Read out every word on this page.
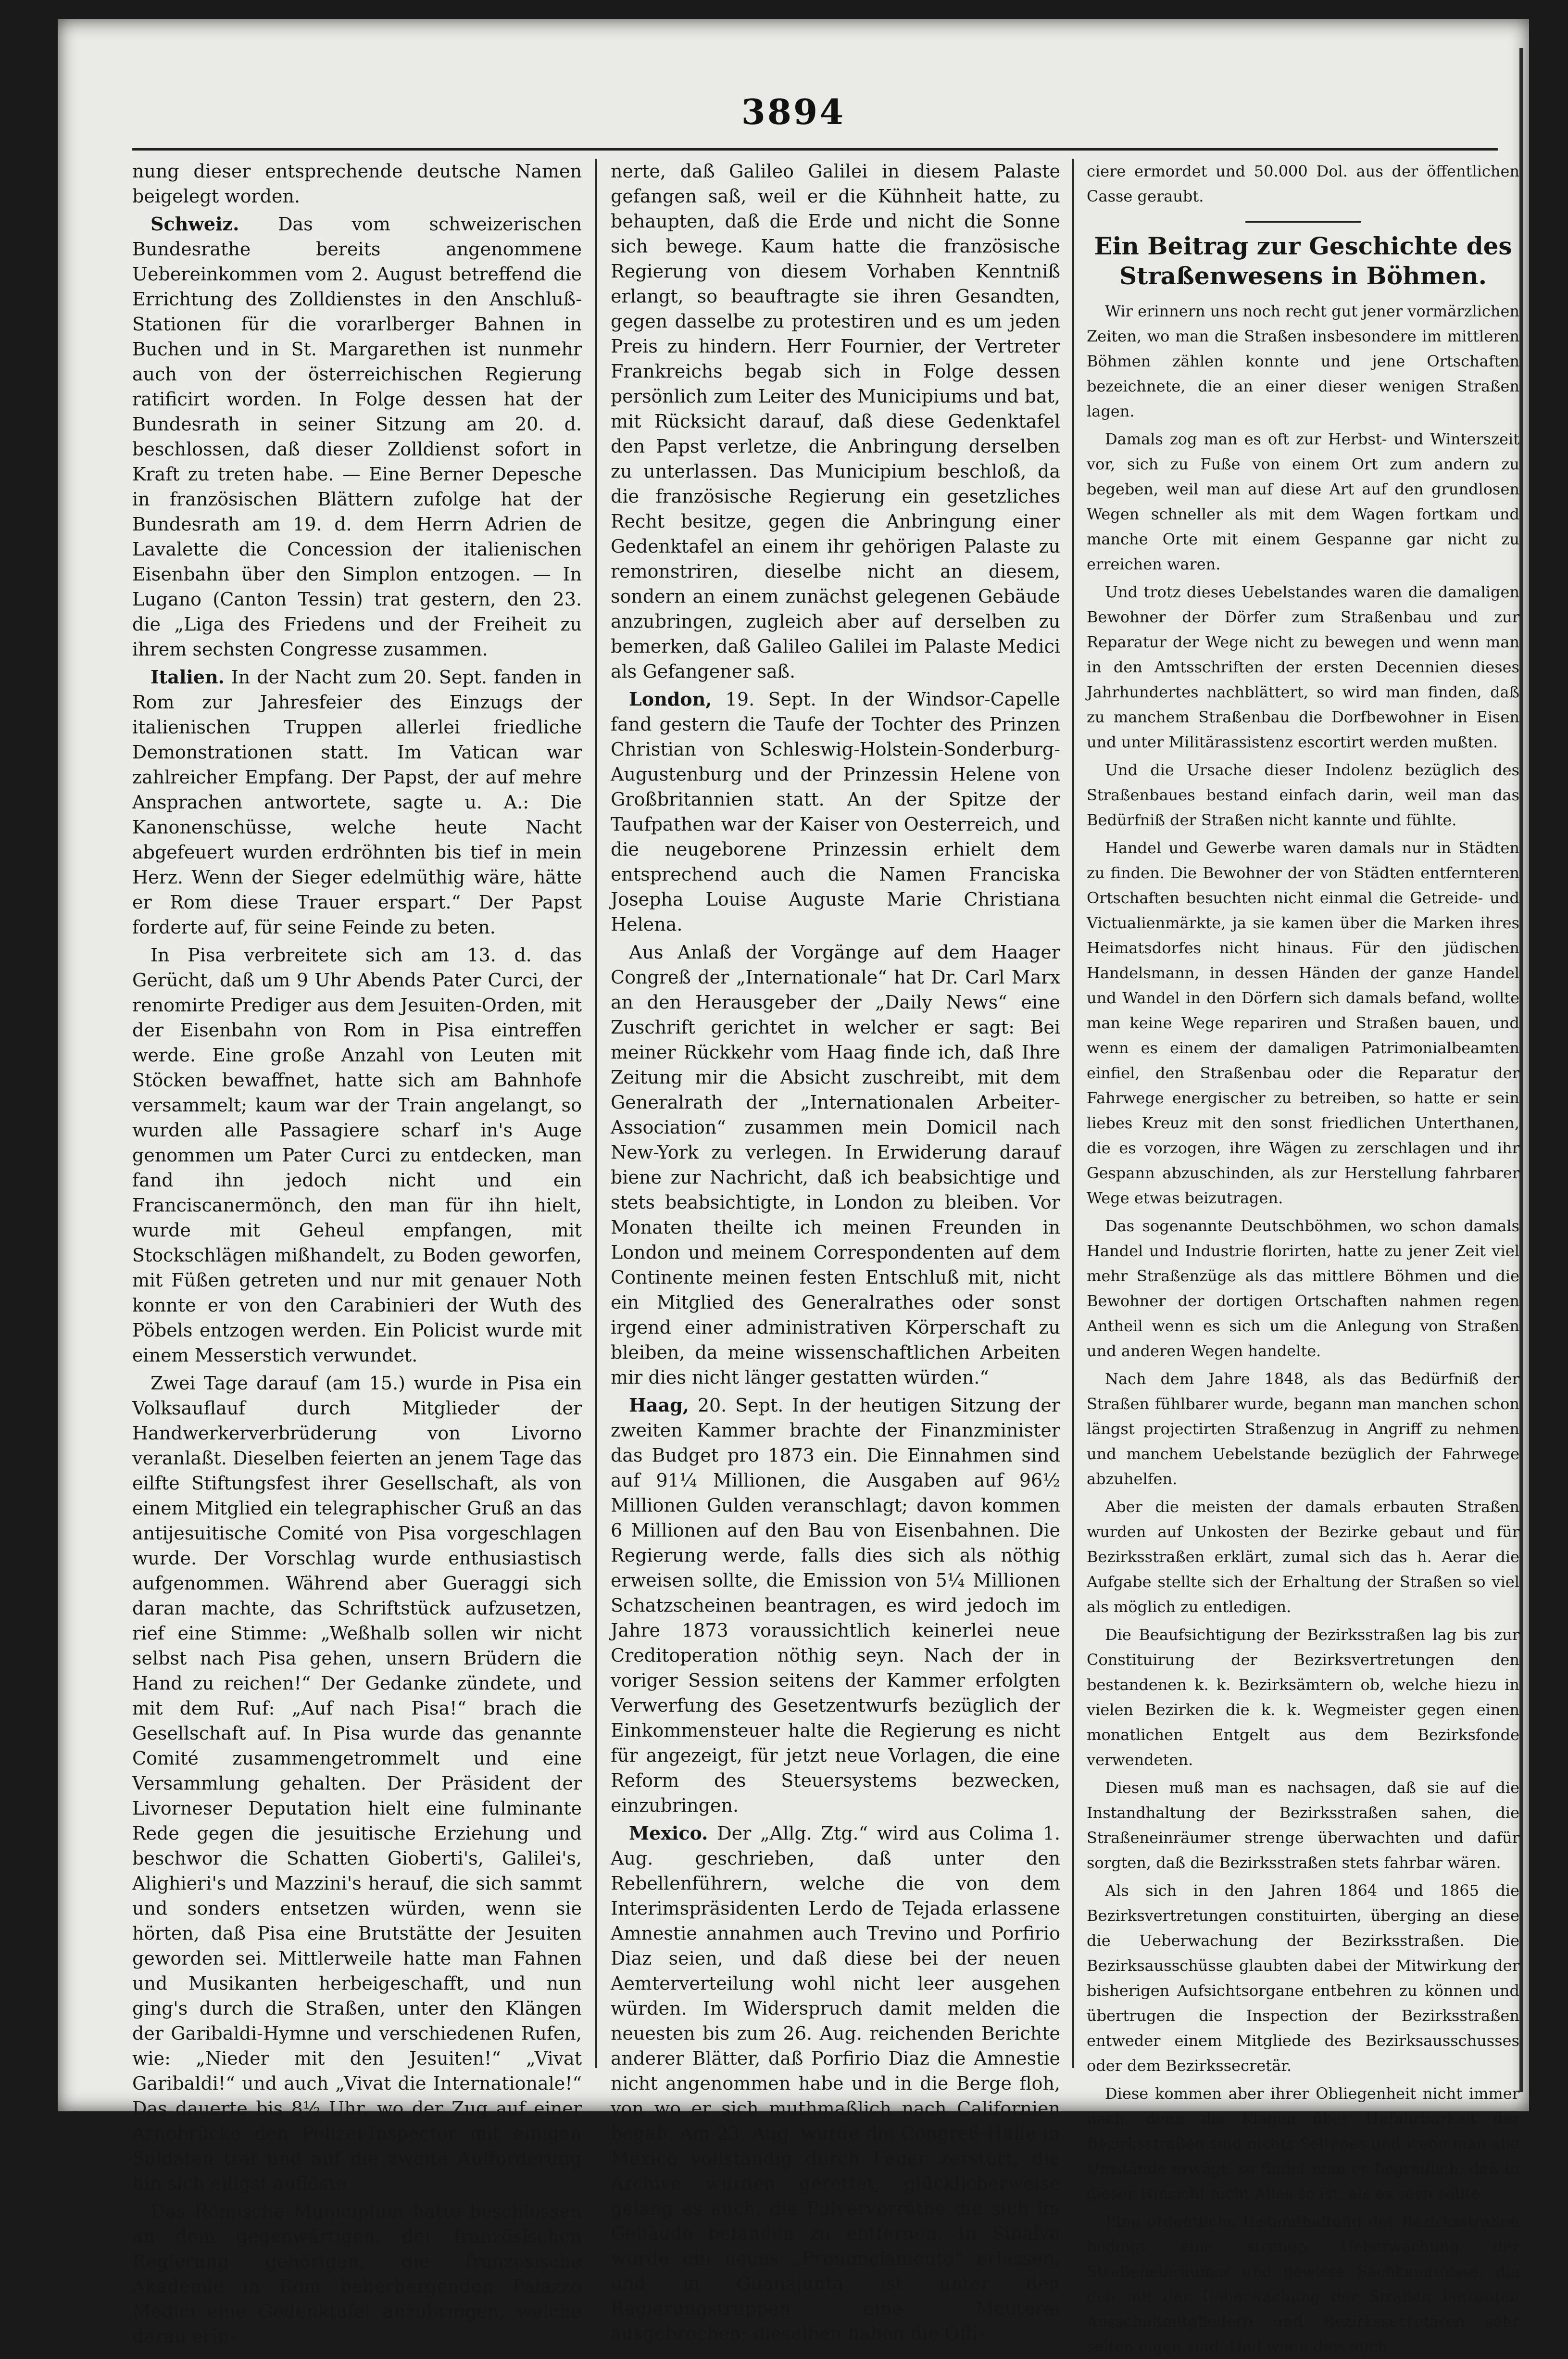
3894

nung dieser entsprechende deutsche Namen beigelegt worden.

Schweiz. Das vom schweizerischen Bundesrathe bereits angenommene Uebereinkommen vom 2. August betreffend die Errichtung des Zolldienstes in den Anschluß-Stationen für die vorarlberger Bahnen in Buchen und in St. Margarethen ist nunmehr auch von der österreichischen Regierung ratificirt worden. In Folge dessen hat der Bundesrath in seiner Sitzung am 20. d. beschlossen, daß dieser Zolldienst sofort in Kraft zu treten habe. — Eine Berner Depesche in französischen Blättern zufolge hat der Bundesrath am 19. d. dem Herrn Adrien de Lavalette die Concession der italienischen Eisenbahn über den Simplon entzogen. — In Lugano (Canton Tessin) trat gestern, den 23. die „Liga des Friedens und der Freiheit zu ihrem sechsten Congresse zusammen.

Italien. In der Nacht zum 20. Sept. fanden in Rom zur Jahresfeier des Einzugs der italienischen Truppen allerlei friedliche Demonstrationen statt. Im Vatican war zahlreicher Empfang. Der Papst, der auf mehre Ansprachen antwortete, sagte u. A.: Die Kanonenschüsse, welche heute Nacht abgefeuert wurden erdröhnten bis tief in mein Herz. Wenn der Sieger edelmüthig wäre, hätte er Rom diese Trauer erspart.“ Der Papst forderte auf, für seine Feinde zu beten.

In Pisa verbreitete sich am 13. d. das Gerücht, daß um 9 Uhr Abends Pater Curci, der renomirte Prediger aus dem Jesuiten-Orden, mit der Eisenbahn von Rom in Pisa eintreffen werde. Eine große Anzahl von Leuten mit Stöcken bewaffnet, hatte sich am Bahnhofe versammelt; kaum war der Train angelangt, so wurden alle Passagiere scharf in's Auge genommen um Pater Curci zu entdecken, man fand ihn jedoch nicht und ein Franciscanermönch, den man für ihn hielt, wurde mit Geheul empfangen, mit Stockschlägen mißhandelt, zu Boden geworfen, mit Füßen getreten und nur mit genauer Noth konnte er von den Carabinieri der Wuth des Pöbels entzogen werden. Ein Policist wurde mit einem Messerstich verwundet.

Zwei Tage darauf (am 15.) wurde in Pisa ein Volksauflauf durch Mitglieder der Handwerkerverbrüderung von Livorno veranlaßt. Dieselben feierten an jenem Tage das eilfte Stiftungsfest ihrer Gesellschaft, als von einem Mitglied ein telegraphischer Gruß an das antijesuitische Comité von Pisa vorgeschlagen wurde. Der Vorschlag wurde enthusiastisch aufgenommen. Während aber Gueraggi sich daran machte, das Schriftstück aufzusetzen, rief eine Stimme: „Weßhalb sollen wir nicht selbst nach Pisa gehen, unsern Brüdern die Hand zu reichen!“ Der Gedanke zündete, und mit dem Ruf: „Auf nach Pisa!“ brach die Gesellschaft auf. In Pisa wurde das genannte Comité zusammengetrommelt und eine Versammlung gehalten. Der Präsident der Livorneser Deputation hielt eine fulminante Rede gegen die jesuitische Erziehung und beschwor die Schatten Gioberti's, Galilei's, Alighieri's und Mazzini's herauf, die sich sammt und sonders entsetzen würden, wenn sie hörten, daß Pisa eine Brutstätte der Jesuiten geworden sei. Mittlerweile hatte man Fahnen und Musikanten herbeigeschafft, und nun ging's durch die Straßen, unter den Klängen der Garibaldi-Hymne und verschiedenen Rufen, wie: „Nieder mit den Jesuiten!“ „Vivat Garibaldi!“ und auch „Vivat die Internationale!“ Das dauerte bis 8½ Uhr, wo der Zug auf einer Arnobrücke den Polizei-Inspector mit einigen Soldaten traf und auf die zweite Aufforderung hin sich eiligst auflöste.

Das Römische Municipium hatte beschlossen an dem gegenwärtigen, der französischen Regierung gehörigen, die französische Akademie in Rom beherbergenden Palazzo Medici eine Gedenktafel anzubringen, welche daran erin-

nerte, daß Galileo Galilei in diesem Palaste gefangen saß, weil er die Kühnheit hatte, zu behaupten, daß die Erde und nicht die Sonne sich bewege. Kaum hatte die französische Regierung von diesem Vorhaben Kenntniß erlangt, so beauftragte sie ihren Gesandten, gegen dasselbe zu protestiren und es um jeden Preis zu hindern. Herr Fournier, der Vertreter Frankreichs begab sich in Folge dessen persönlich zum Leiter des Municipiums und bat, mit Rücksicht darauf, daß diese Gedenktafel den Papst verletze, die Anbringung derselben zu unterlassen. Das Municipium beschloß, da die französische Regierung ein gesetzliches Recht besitze, gegen die Anbringung einer Gedenktafel an einem ihr gehörigen Palaste zu remonstriren, dieselbe nicht an diesem, sondern an einem zunächst gelegenen Gebäude anzubringen, zugleich aber auf derselben zu bemerken, daß Galileo Galilei im Palaste Medici als Gefangener saß.

London, 19. Sept. In der Windsor-Capelle fand gestern die Taufe der Tochter des Prinzen Christian von Schleswig-Holstein-Sonderburg-Augustenburg und der Prinzessin Helene von Großbritannien statt. An der Spitze der Taufpathen war der Kaiser von Oesterreich, und die neugeborene Prinzessin erhielt dem entsprechend auch die Namen Franciska Josepha Louise Auguste Marie Christiana Helena.

Aus Anlaß der Vorgänge auf dem Haager Congreß der „Internationale“ hat Dr. Carl Marx an den Herausgeber der „Daily News“ eine Zuschrift gerichtet in welcher er sagt: Bei meiner Rückkehr vom Haag finde ich, daß Ihre Zeitung mir die Absicht zuschreibt, mit dem Generalrath der „Internationalen Arbeiter-Association“ zusammen mein Domicil nach New-York zu verlegen. In Erwiderung darauf biene zur Nachricht, daß ich beabsichtige und stets beabsichtigte, in London zu bleiben. Vor Monaten theilte ich meinen Freunden in London und meinem Correspondenten auf dem Continente meinen festen Entschluß mit, nicht ein Mitglied des Generalrathes oder sonst irgend einer administrativen Körperschaft zu bleiben, da meine wissenschaftlichen Arbeiten mir dies nicht länger gestatten würden.“

Haag, 20. Sept. In der heutigen Sitzung der zweiten Kammer brachte der Finanzminister das Budget pro 1873 ein. Die Einnahmen sind auf 91¼ Millionen, die Ausgaben auf 96½ Millionen Gulden veranschlagt; davon kommen 6 Millionen auf den Bau von Eisenbahnen. Die Regierung werde, falls dies sich als nöthig erweisen sollte, die Emission von 5¼ Millionen Schatzscheinen beantragen, es wird jedoch im Jahre 1873 voraussichtlich keinerlei neue Creditoperation nöthig seyn. Nach der in voriger Session seitens der Kammer erfolgten Verwerfung des Gesetzentwurfs bezüglich der Einkommensteuer halte die Regierung es nicht für angezeigt, für jetzt neue Vorlagen, die eine Reform des Steuersystems bezwecken, einzubringen.

Mexico. Der „Allg. Ztg.“ wird aus Colima 1. Aug. geschrieben, daß unter den Rebellenführern, welche die von dem Interimspräsidenten Lerdo de Tejada erlassene Amnestie annahmen auch Trevino und Porfirio Diaz seien, und daß diese bei der neuen Aemterverteilung wohl nicht leer ausgehen würden. Im Widerspruch damit melden die neuesten bis zum 26. Aug. reichenden Berichte anderer Blätter, daß Porfirio Diaz die Amnestie nicht angenommen habe und in die Berge floh, von wo er sich muthmaßlich nach Californien begab. Am 23. Aug. wurde die Congreß-Halle in Mexico vollständig durch Feuer zerstört, die Archive wurden gerettet; glücklicherweise gelang es auch, die Pulvervorräthe die sich im Gebäude befanden zu entfernen. In Sinalva wurde ein neues „Pronunciamento“ erlassen, und in Guanajunta ist unter den Regierungstruppen eine Meuterei ausgebrochen; dieselben haben die Offi-

ciere ermordet und 50.000 Dol. aus der öffentlichen Casse geraubt.

Ein Beitrag zur Geschichte des Straßenwesens in Böhmen.

Wir erinnern uns noch recht gut jener vormärzlichen Zeiten, wo man die Straßen insbesondere im mittleren Böhmen zählen konnte und jene Ortschaften bezeichnete, die an einer dieser wenigen Straßen lagen.

Damals zog man es oft zur Herbst- und Winterszeit vor, sich zu Fuße von einem Ort zum andern zu begeben, weil man auf diese Art auf den grundlosen Wegen schneller als mit dem Wagen fortkam und manche Orte mit einem Gespanne gar nicht zu erreichen waren.

Und trotz dieses Uebelstandes waren die damaligen Bewohner der Dörfer zum Straßenbau und zur Reparatur der Wege nicht zu bewegen und wenn man in den Amtsschriften der ersten Decennien dieses Jahrhundertes nachblättert, so wird man finden, daß zu manchem Straßenbau die Dorfbewohner in Eisen und unter Militärassistenz escortirt werden mußten.

Und die Ursache dieser Indolenz bezüglich des Straßenbaues bestand einfach darin, weil man das Bedürfniß der Straßen nicht kannte und fühlte.

Handel und Gewerbe waren damals nur in Städten zu finden. Die Bewohner der von Städten entfernteren Ortschaften besuchten nicht einmal die Getreide- und Victualienmärkte, ja sie kamen über die Marken ihres Heimatsdorfes nicht hinaus. Für den jüdischen Handelsmann, in dessen Händen der ganze Handel und Wandel in den Dörfern sich damals befand, wollte man keine Wege repariren und Straßen bauen, und wenn es einem der damaligen Patrimonialbeamten einfiel, den Straßenbau oder die Reparatur der Fahrwege energischer zu betreiben, so hatte er sein liebes Kreuz mit den sonst friedlichen Unterthanen, die es vorzogen, ihre Wägen zu zerschlagen und ihr Gespann abzuschinden, als zur Herstellung fahrbarer Wege etwas beizutragen.

Das sogenannte Deutschböhmen, wo schon damals Handel und Industrie florirten, hatte zu jener Zeit viel mehr Straßenzüge als das mittlere Böhmen und die Bewohner der dortigen Ortschaften nahmen regen Antheil wenn es sich um die Anlegung von Straßen und anderen Wegen handelte.

Nach dem Jahre 1848, als das Bedürfniß der Straßen fühlbarer wurde, begann man manchen schon längst projectirten Straßenzug in Angriff zu nehmen und manchem Uebelstande bezüglich der Fahrwege abzuhelfen.

Aber die meisten der damals erbauten Straßen wurden auf Unkosten der Bezirke gebaut und für Bezirksstraßen erklärt, zumal sich das h. Aerar die Aufgabe stellte sich der Erhaltung der Straßen so viel als möglich zu entledigen.

Die Beaufsichtigung der Bezirksstraßen lag bis zur Constituirung der Bezirksvertretungen den bestandenen k. k. Bezirksämtern ob, welche hiezu in vielen Bezirken die k. k. Wegmeister gegen einen monatlichen Entgelt aus dem Bezirksfonde verwendeten.

Diesen muß man es nachsagen, daß sie auf die Instandhaltung der Bezirksstraßen sahen, die Straßeneinräumer strenge überwachten und dafür sorgten, daß die Bezirksstraßen stets fahrbar wären.

Als sich in den Jahren 1864 und 1865 die Bezirksvertretungen constituirten, überging an diese die Ueberwachung der Bezirksstraßen. Die Bezirksausschüsse glaubten dabei der Mitwirkung der bisherigen Aufsichtsorgane entbehren zu können und übertrugen die Inspection der Bezirksstraßen entweder einem Mitgliede des Bezirksausschusses oder dem Bezirkssecretär.

Diese kommen aber ihrer Obliegenheit nicht immer nach, denn die Klagen über Unfahrbarkeit der Bezirksstraßen sind nichts Seltenes und wenn man alle Umstände erwägt, so findet man es begreiflich, daß in dieser Hinsicht nicht Alles so ist, als es seyn sollte.

Eine ordentliche Instandhaltung der Bezirksstraßen bedingt eine strenge Ueberwachung der Straßeneinräumer und gewisse Sachkenntnisse, die den mit der Ueberwachung der Straßen betrauten Ausschußmitgliedern und Bezirkssecretären sehr selten eigen sind. Und wenn dies auch
